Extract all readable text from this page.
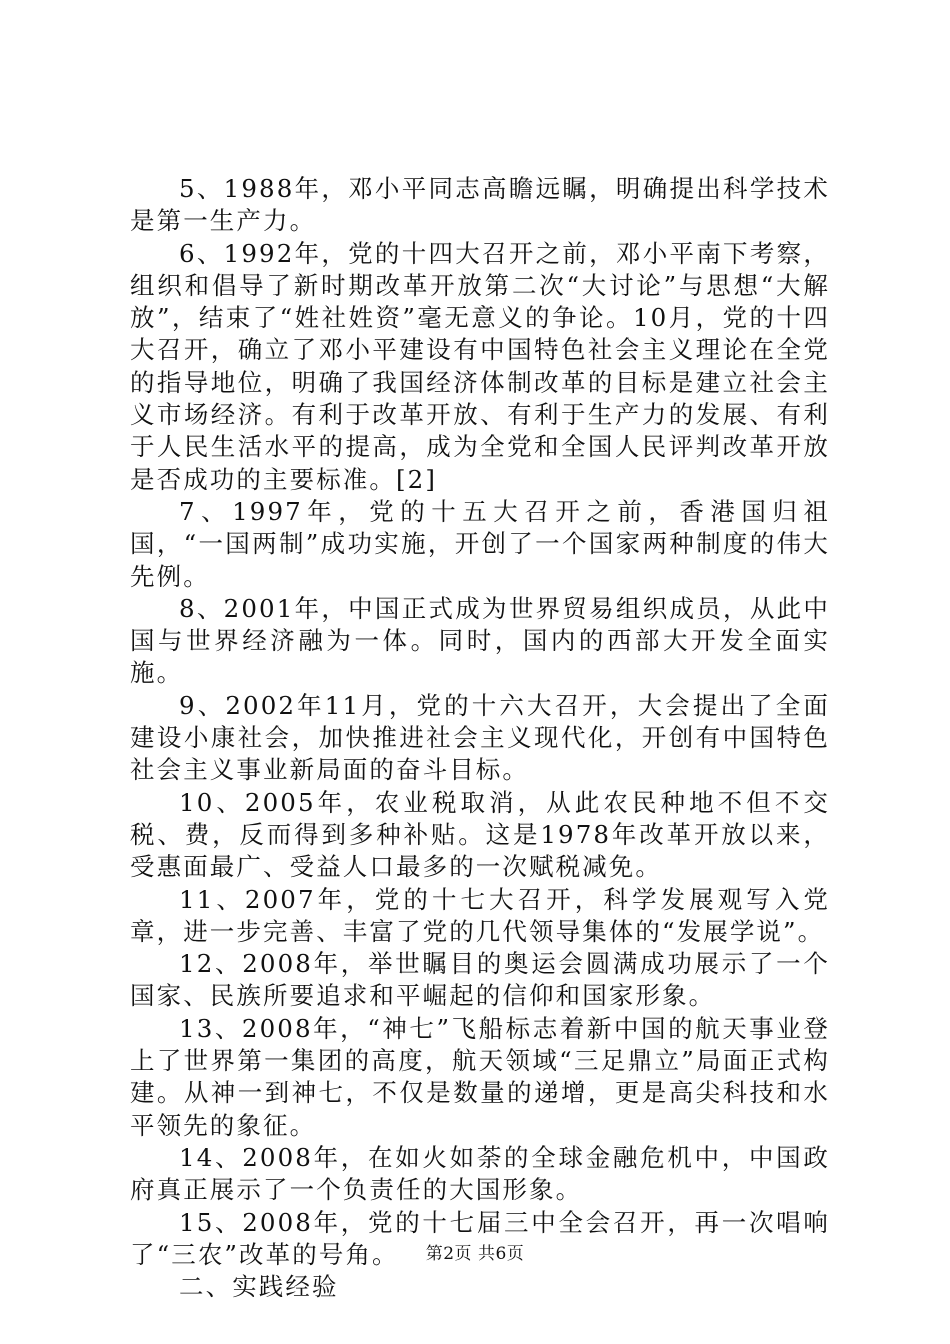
5、1988年，邓小平同志高瞻远瞩，明确提出科学技术是第一生产力。

6、1992年，党的十四大召开之前，邓小平南下考察，组织和倡导了新时期改革开放第二次“大讨论”与思想“大解放”，结束了“姓社姓资”毫无意义的争论。10月，党的十四大召开，确立了邓小平建设有中国特色社会主义理论在全党的指导地位，明确了我国经济体制改革的目标是建立社会主义市场经济。有利于改革开放、有利于生产力的发展、有利于人民生活水平的提高，成为全党和全国人民评判改革开放是否成功的主要标准。[2]

7、1997年，党的十五大召开之前，香港国归祖国，“一国两制”成功实施，开创了一个国家两种制度的伟大先例。

8、2001年，中国正式成为世界贸易组织成员，从此中国与世界经济融为一体。同时，国内的西部大开发全面实施。

9、2002年11月，党的十六大召开，大会提出了全面建设小康社会，加快推进社会主义现代化，开创有中国特色社会主义事业新局面的奋斗目标。

10、2005年，农业税取消，从此农民种地不但不交税、费，反而得到多种补贴。这是1978年改革开放以来，受惠面最广、受益人口最多的一次赋税减免。

11、2007年，党的十七大召开，科学发展观写入党章，进一步完善、丰富了党的几代领导集体的“发展学说”。

12、2008年，举世瞩目的奥运会圆满成功展示了一个国家、民族所要追求和平崛起的信仰和国家形象。

13、2008年，“神七”飞船标志着新中国的航天事业登上了世界第一集团的高度，航天领域“三足鼎立”局面正式构建。从神一到神七，不仅是数量的递增，更是高尖科技和水平领先的象征。

14、2008年，在如火如荼的全球金融危机中，中国政府真正展示了一个负责任的大国形象。

15、2008年，党的十七届三中全会召开，再一次唱响了“三农”改革的号角。

二、实践经验

第2页 共6页
